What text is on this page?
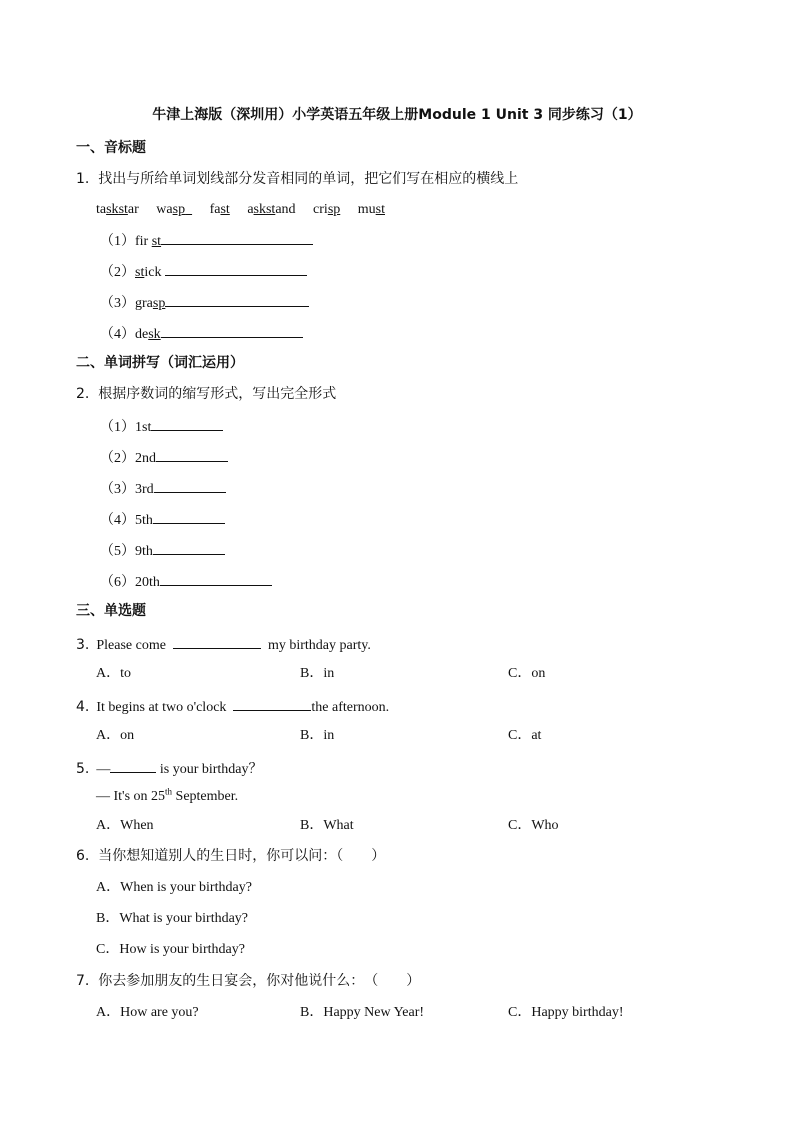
牛津上海版（深圳用）小学英语五年级上册Module 1 Unit 3 同步练习（1）
一、音标题
1. 找出与所给单词划线部分发音相同的单词，把它们写在相应的横线上
taskstar wasp fast askstand crisp must
（1）fir st
（2）stick
（3）grasp
（4）desk
二、单词拼写（词汇运用）
2. 根据序数词的缩写形式，写出完全形式
（1）1st
（2）2nd
（3）3rd
（4）5th
（5）9th
（6）20th
三、单选题
3. Please come	my birthday party.
A．to	B．in	C．on
4. It begins at two o'clock	the afternoon.
A．on	B．in	C．at
5. —	is your birthday？
— It's on 25th September.
A．When	B．What	C．Who
6. 当你想知道别人的生日时，你可以问：（　　）
A．When is your birthday?
B．What is your birthday?
C．How is your birthday?
7. 你去参加朋友的生日宴会，你对他说什么：　（　　）
A．How are you?	B．Happy New Year!	C．Happy birthday!
